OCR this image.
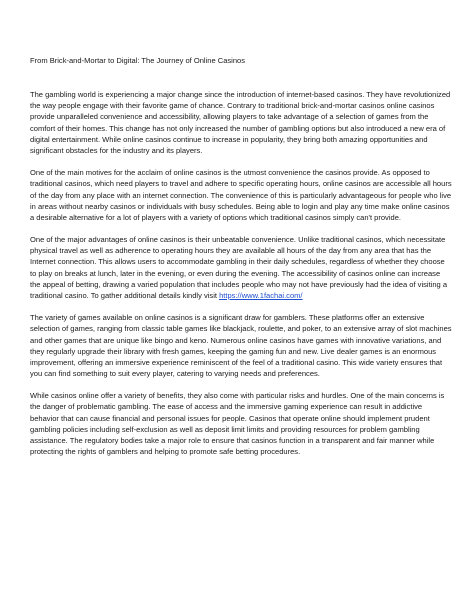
From Brick-and-Mortar to Digital: The Journey of Online Casinos

The gambling world is experiencing a major change since the introduction of internet-based casinos. They have revolutionized the way people engage with their favorite game of chance. Contrary to traditional brick-and-mortar casinos online casinos provide unparalleled convenience and accessibility, allowing players to take advantage of a selection of games from the comfort of their homes. This change has not only increased the number of gambling options but also introduced a new era of digital entertainment. While online casinos continue to increase in popularity, they bring both amazing opportunities and significant obstacles for the industry and its players.

One of the main motives for the acclaim of online casinos is the utmost convenience the casinos provide. As opposed to traditional casinos, which need players to travel and adhere to specific operating hours, online casinos are accessible all hours of the day from any place with an internet connection. The convenience of this is particularly advantageous for people who live in areas without nearby casinos or individuals with busy schedules. Being able to login and play any time make online casinos a desirable alternative for a lot of players with a variety of options which traditional casinos simply can't provide.

One of the major advantages of online casinos is their unbeatable convenience. Unlike traditional casinos, which necessitate physical travel as well as adherence to operating hours they are available all hours of the day from any area that has the Internet connection. This allows users to accommodate gambling in their daily schedules, regardless of whether they choose to play on breaks at lunch, later in the evening, or even during the evening. The accessibility of casinos online can increase the appeal of betting, drawing a varied population that includes people who may not have previously had the idea of visiting a traditional casino. To gather additional details kindly visit https://www.1fachai.com/

The variety of games available on online casinos is a significant draw for gamblers. These platforms offer an extensive selection of games, ranging from classic table games like blackjack, roulette, and poker, to an extensive array of slot machines and other games that are unique like bingo and keno. Numerous online casinos have games with innovative variations, and they regularly upgrade their library with fresh games, keeping the gaming fun and new. Live dealer games is an enormous improvement, offering an immersive experience reminiscent of the feel of a traditional casino. This wide variety ensures that you can find something to suit every player, catering to varying needs and preferences.

While casinos online offer a variety of benefits, they also come with particular risks and hurdles. One of the main concerns is the danger of problematic gambling. The ease of access and the immersive gaming experience can result in addictive behavior that can cause financial and personal issues for people. Casinos that operate online should implement prudent gambling policies including self-exclusion as well as deposit limit limits and providing resources for problem gambling assistance. The regulatory bodies take a major role to ensure that casinos function in a transparent and fair manner while protecting the rights of gamblers and helping to promote safe betting procedures.
